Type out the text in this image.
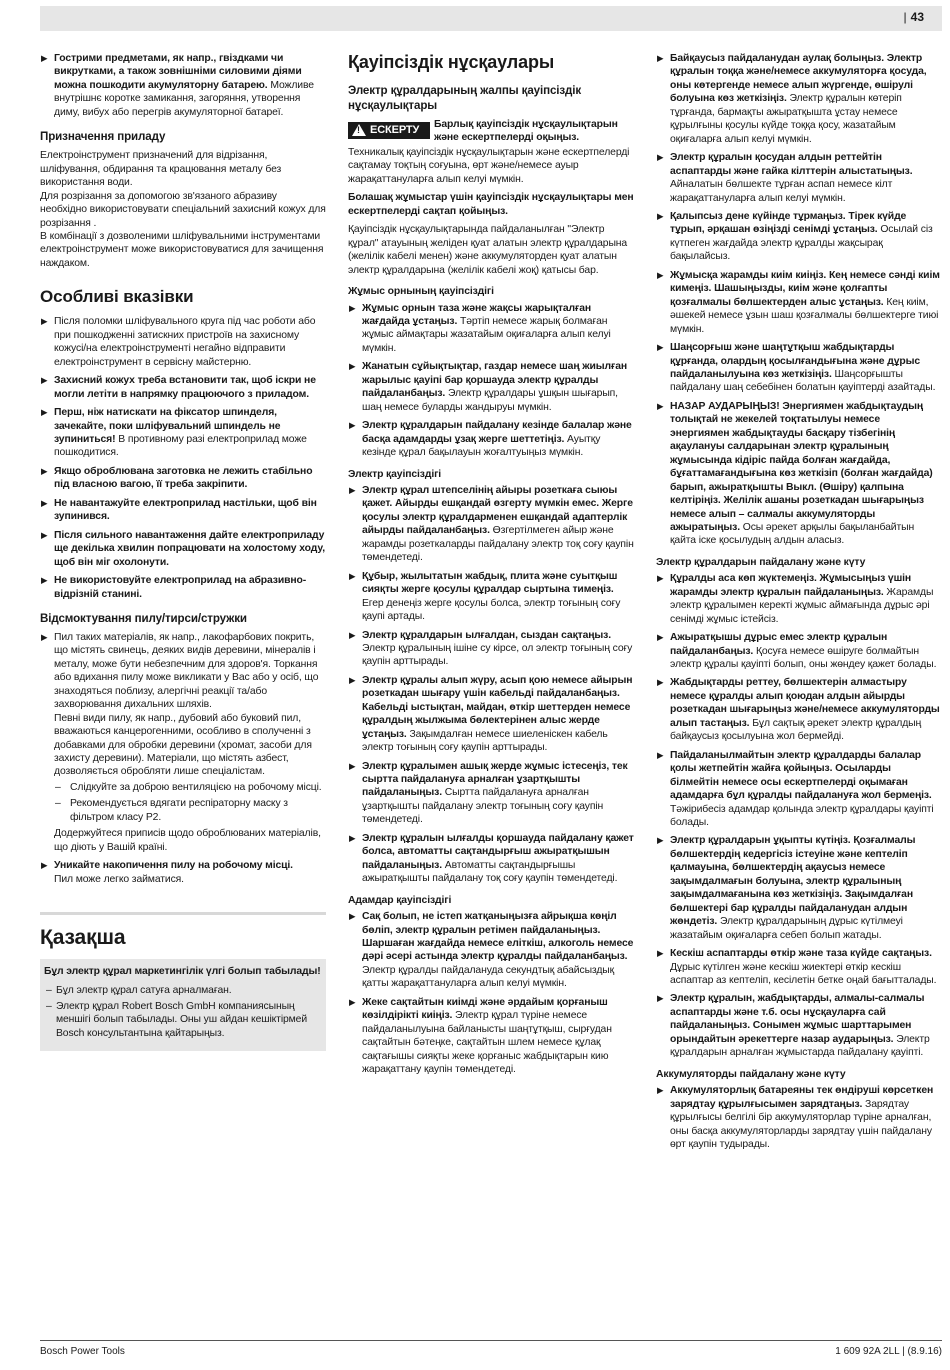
| 43
▶ Гострими предметами, як напр., гвіздками чи викрутками, а також зовнішніми силовими діями можна пошкодити акумуляторну батарею. Можливе внутрішнє коротке замикання, загоряння, утворення диму, вибух або перегрів акумуляторної батареї.
Призначення приладу

Електроінструмент призначений для відрізання, шліфування, обдирання та крацювання металу без використання води.

Для розрізання за допомогою зв'язаного абразиву необхідно використовувати спеціальний захисний кожух для розрізання .

В комбінації з дозволеними шліфувальними інструментами електроінструмент може використовуватися для зачищення наждаком.

Особливі вказівки
▶ Після поломки шліфувального круга під час роботи або при пошкодженні затискних пристроїв на захисному кожусі/на електроінструменті негайно відправити електроінструмент в сервісну майстерню.
▶ Захисний кожух треба встановити так, щоб іскри не могли летіти в напрямку працюючого з приладом.
▶ Перш, ніж натискати на фіксатор шпинделя, зачекайте, поки шліфувальний шпиндель не зупиниться! В противному разі електроприлад може пошкодитися.
▶ Якщо оброблювана заготовка не лежить стабільно під власною вагою, її треба закріпити.
▶ Не навантажуйте електроприлад настільки, щоб він зупинився.
▶ Після сильного навантаження дайте електроприладу ще декілька хвилин попрацювати на холостому ходу, щоб він міг охолонути.
▶ Не використовуйте електроприлад на абразивно-відрізній станині.
Відсмоктування пилу/тирси/стружки
▶ Пил таких матеріалів, як напр., лакофарбових покрить, що містять свинець, деяких видів деревини, мінералів і металу, може бути небезпечним для здоров'я. Торкання або вдихання пилу може викликати у Вас або у осіб, що знаходяться поблизу, алергічні реакції та/або захворювання дихальних шляхів.

Певні види пилу, як напр., дубовий або буковий пил, вважаються канцерогенними, особливо в сполученні з добавками для обробки деревини (хромат, засоби для захисту деревини). Матеріали, що містять азбест, дозволяється обробляти лише спеціалістам.

– Слідкуйте за доброю вентиляцією на робочому місці.
– Рекомендується вдягати респіраторну маску з фільтром класу P2.

Додержуйтеся приписів щодо оброблюваних матеріалів, що діють у Вашій країні.

▶ Уникайте накопичення пилу на робочому місці.
Пил може легко займатися.
Қазақша

Бұл электр құрал маркетингілік үлгі болып табылады!

– Бұл электр құрал сатуға арналмаған.
– Электр құрал Robert Bosch GmbH компаниясының меншігі болып табылады. Оны уш айдан кешіктірмей Bosch консультантына қайтарыңыз.
Қауіпсіздік нұсқаулары
Электр құралдарының жалпы қауіпсіздік нұсқаулықтары
! ЕСКЕРТУ	Барлық қауіпсіздік нұсқаулықтарын және ескертпелерді оқыңыз.

Техникалық қауіпсіздік нұсқаулықтарын және ескертпелерді сақтамау тоқтың соғуына, өрт және/немесе ауыр жарақаттануларға алып келуі мүмкін.

Болашақ жұмыстар үшін қауіпсіздік нұсқаулықтары мен ескертпелерді сақтап қойыңыз.

Қауіпсіздік нұсқаулықтарында пайдаланылған "Электр құрал" атауының желіден қуат алатын электр құралдарына (желілік кабелі менен) және аккумуляторден қуат алатын электр құралдарына (желілік кабелі жоқ) қатысы бар.

Жұмыс орнының қауіпсіздігі
▶ Жұмыс орнын таза және жақсы жарықталған жағдайда ұстаңыз. Тәртіп немесе жарық болмаған жұмыс аймақтары жазатайым оқиғаларға алып келуі мүмкін.
▶ Жанатын сұйықтықтар, газдар немесе шаң жиылған жарылыс қауіпі бар қоршауда электр құралды пайдаланбаңыз. Электр құралдары ұшқын шығарып, шаң немесе буларды жандыруы мүмкін.
▶ Электр құралдарын пайдалану кезінде балалар және басқа адамдарды ұзақ жерге шеттетіңіз. Ауытқу кезінде құрал бақылауын жоғалтуыңыз мүмкін.
Электр қауіпсіздігі
▶ Электр құрал штепселінің айыры розеткаға сыюы қажет. Айырды ешқандай өзгерту мүмкін емес. Жерге қосулы электр құралдарменен ешқандай адаптерлік айырды пайдаланбаңыз. Өзгертілмеген айыр және жарамды розеткаларды пайдалану электр тоқ соғу қаупін төмендетеді.
▶ Құбыр, жылытатын жабдық, плита және суытқыш сияқты жерге қосулы құралдар сыртына тимеңіз. Егер денеңіз жерге қосулы болса, электр тоғының соғу қаупі артады.
▶ Электр құралдарын ылғалдан, сыздан сақтаңыз. Электр құралының ішіне су кірсе, ол электр тоғының соғу қаупін арттырады.
▶ Электр құралы алып жүру, асып қою немесе айырын розеткадан шығару үшін кабельді пайдаланбаңыз. Кабельді ыстықтан, майдан, өткір шеттерден немесе құралдың жылжыма бөлектерінен алыс жерде ұстаңыз. Зақымдалған немесе шиеленіскен кабель электр тоғының соғу қаупін арттырады.
▶ Электр құралымен ашық жерде жұмыс істесеңіз, тек сыртта пайдалануға арналған ұзартқышты пайдаланыңыз. Сыртта пайдалануға арналған ұзартқышты пайдалану электр тоғының соғу қаупін төмендетеді.
▶ Электр құралын ылғалды қоршауда пайдалану қажет болса, автоматты сақтандырғыш ажыратқышын пайдаланыңыз. Автоматты сақтандырғышы ажыратқышты пайдалану тоқ соғу қаупін төмендетеді.
Адамдар қауіпсіздігі
▶ Сақ болып, не істеп жатқаныңызға айрықша көңіл бөліп, электр құралын ретімен пайдаланыңыз. Шаршаған жағдайда немесе еліткіш, алкоголь немесе дәрі әсері астында электр құралды пайдаланбаңыз. Электр құралды пайдалануда секундтық абайсыздық қатты жарақаттануларға алып келуі мүмкін.
▶ Жеке сақтайтын киімді және әрдайым қорғаныш көзілдірікті киіңіз. Электр құрал түріне немесе пайдаланылуына байланысты шаңтұтқыш, сырғудан сақтайтын бәтеңке, сақтайтын шлем немесе құлақ сақтағышы сияқты жеке қорғаныс жабдықтарын кию жарақаттану қаупін төмендетеді.
▶ Байқаусыз пайдаланудан аулақ болыңыз. Электр құралын тоққа және/немесе аккумуляторға қосуда, оны көтергенде немесе алып жүргенде, өшірулі болуына көз жеткізіңіз. Электр құралын көтеріп тұрғанда, бармақты ажыратқышта ұстау немесе құрылғыны қосулы күйде тоққа қосу, жазатайым оқиғаларға алып келуі мүмкін.
▶ Электр құралын қосудан алдын реттейтін аспаптарды және гайка кілттерін алыстатыңыз. Айналатын бөлшекте тұрған аспап немесе кілт жарақаттануларға алып келуі мүмкін.
▶ Қалыпсыз дене күйінде тұрмаңыз. Тірек күйде тұрып, әрқашан өзіңізді сенімді ұстаңыз. Осылай сіз күтпеген жағдайда электр құралды жақсырақ бақылайсыз.
▶ Жұмысқа жарамды киім киіңіз. Кең немесе сәнді киім кимеңіз. Шашыңызды, киім және қолғапты қозғалмалы бөлшектерден алыс ұстаңыз. Кең киім, әшекей немесе ұзын шаш қозғалмалы бөлшектерге тиюі мүмкін.
▶ Шаңсорғыш және шаңтұтқыш жабдықтарды құрғанда, олардың қосылғандығына және дұрыс пайдаланылуына көз жеткізіңіз. Шаңсорғышты пайдалану шаң себебінен болатын қауіптерді азайтады.
▶ НАЗАР АУДАРЫҢЫЗ! Энергиямен жабдықтаудың толықтай не жекелей тоқтатылуы немесе энергиямен жабдықтауды басқару тізбегінің ақаулануы салдарынан электр құралының жұмысында кідіріс пайда болған жағдайда, бұғаттамағандығына көз жеткізіп (болған жағдайда) барып, ажыратқышты Выкл. (Өшіру) қалпына келтіріңіз. Желілік ашаны розеткадан шығарыңыз немесе алып – салмалы аккумуляторды ажыратыңыз. Осы әрекет арқылы бақыланбайтын қайта іске қосылудың алдын аласыз.
Электр құралдарын пайдалану және күту
▶ Құралды аса көп жүктемеңіз. Жұмысыңыз үшін жарамды электр құралын пайдаланыңыз. Жарамды электр құралымен керекті жұмыс аймағында дұрыс әрі сенімді жұмыс істейсіз.
▶ Ажыратқышы дұрыс емес электр құралын пайдаланбаңыз. Қосуға немесе өшіруге болмайтын электр құралы қауіпті болып, оны жөндеу қажет болады.
▶ Жабдықтарды реттеу, бөлшектерін алмастыру немесе құралды алып қоюдан алдын айырды розеткадан шығарыңыз және/немесе аккумуляторды алып тастаңыз. Бұл сақтық әрекет электр құралдың байқаусыз қосылуына жол бермейді.
▶ Пайдаланылмайтын электр құралдарды балалар қолы жетпейтін жайға қойыңыз. Осыларды білмейтін немесе осы ескертпелерді оқымаған адамдарға бұл құралды пайдалануға жол бермеңіз. Тәжірибесіз адамдар қолында электр құралдары қауіпті болады.
▶ Электр құралдарын ұқыпты күтіңіз. Қозғалмалы бөлшектердің кедергісіз істеуіне және кептеліп қалмауына, бөлшектердің ақаусыз немесе зақымдалмағын болуына, электр құралының зақымдалмағанына көз жеткізіңіз. Зақымдалған бөлшектері бар құралды пайдаланудан алдын жөндетіз. Электр құралдарының дұрыс күтілмеуі жазатайым оқиғаларға себеп болып жатады.
▶ Кескіш аспаптарды өткір және таза күйде сақтаңыз. Дұрыс күтілген және кескіш жиектері өткір кескіш аспаптар аз кептеліп, кесілетін бетке оңай бағытталады.
▶ Электр құралын, жабдықтарды, алмалы-салмалы аспаптарды және т.б. осы нұсқауларға сай пайдаланыңыз. Сонымен жұмыс шарттарымен орындайтын әрекеттерге назар аударыңыз. Электр құралдарын арналған жұмыстарда пайдалану қауіпті.
Аккумуляторды пайдалану және күту
▶ Аккумуляторлық батареяны тек өндіруші көрсеткен зарядтау құрылғысымен зарядтаңыз. Зарядтау құрылғысы белгілі бір аккумуляторлар түріне арналған, оны басқа аккумуляторларды зарядтау үшін пайдалану өрт қаупін тудырады.
Bosch Power Tools	1 609 92A 2LL | (8.9.16)
